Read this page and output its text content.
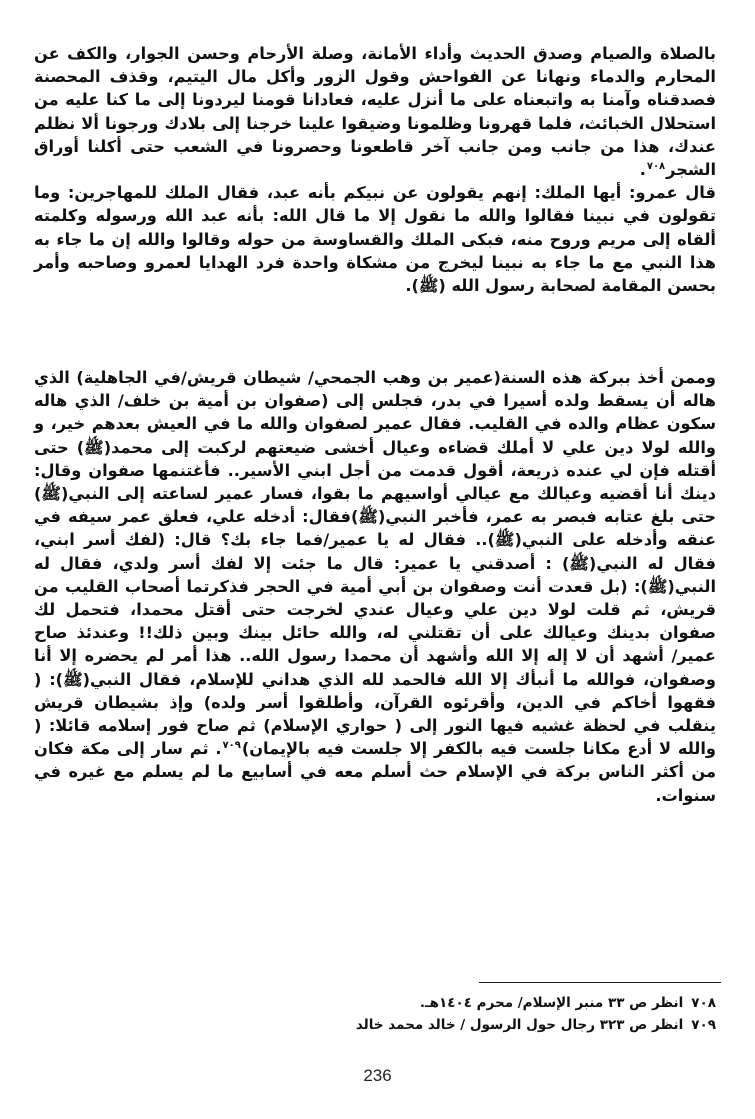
بالصلاة والصيام وصدق الحديث وأداء الأمانة، وصلة الأرحام وحسن الجوار، والكف عن المحارم والدماء ونهانا عن الفواحش وقول الزور وأكل مال اليتيم، وقذف المحصنة فصدقناه وآمنا به واتبعناه على ما أنزل عليه، فعادانا قومنا ليردونا إلى ما كنا عليه من استحلال الخبائث، فلما قهرونا وظلمونا وضيقوا علينا خرجنا إلى بلادك ورجونا ألا نظلم عندك، هذا من جانب ومن جانب آخر قاطعونا وحصرونا في الشعب حتى أكلنا أوراق الشجر$^{٧٠٨}$.

قال عمرو: أيها الملك: إنهم يقولون عن نبيكم بأنه عبد، فقال الملك للمهاجرين: وما تقولون في نبينا فقالوا والله ما نقول إلا ما قال الله: بأنه عبد الله ورسوله وكلمته ألقاه إلى مريم وروح منه، فبكى الملك والقساوسة من حوله وقالوا والله إن ما جاء به هذا النبي مع ما جاء به نبينا ليخرج من مشكاة واحدة فرد الهدايا لعمرو وصاحبه وأمر بحسن المقامة لصحابة رسول الله (ﷺ).

وممن أخذ ببركة هذه السنة(عمير بن وهب الجمحي/ شيطان قريش/في الجاهلية) الذي هاله أن يسقط ولده أسيرا في بدر، فجلس إلى (صفوان بن أمية بن خلف/ الذي هاله سكون عظام والده في القليب. فقال عمير لصفوان والله ما في العيش بعدهم خير، و والله لولا دين علي لا أملك قضاءه وعيال أخشى ضيعتهم لركبت إلى محمد(ﷺ) حتى أقتله فإن لي عنده ذريعة، أقول قدمت من أجل ابني الأسير.. فأغتنمها صفوان وقال: دينك أنا أقضيه وعيالك مع عيالي أواسيهم ما بقوا، فسار عمير لساعته إلى النبي(ﷺ) حتى بلغ عتابه فبصر به عمر، فأخبر النبي(ﷺ)فقال: أدخله علي، فعلق عمر سيفه في عنقه وأدخله على النبي(ﷺ).. فقال له يا عمير/فما جاء بك؟ قال: (لفك أسر ابني، فقال له النبي(ﷺ) : أصدقني يا عمير: قال ما جئت إلا لفك أسر ولدي، فقال له النبي(ﷺ): (بل قعدت أنت وصفوان بن أبي أمية في الحجر فذكرتما أصحاب القليب من قريش، ثم قلت لولا دين علي وعيال عندي لخرجت حتى أقتل محمدا، فتحمل لك صفوان بدينك وعيالك على أن تقتلني له، والله حائل بينك وبين ذلك!! وعندئذ صاح عمير/ أشهد أن لا إله إلا الله وأشهد أن محمدا رسول الله.. هذا أمر لم يحضره إلا أنا وصفوان، فوالله ما أنبأك إلا الله فالحمد لله الذي هداني للإسلام، فقال النبي(ﷺ): ( فقهوا أخاكم في الدين، وأقرئوه القرآن، وأطلقوا أسر ولده) وإذ بشيطان قريش ينقلب في لحظة غشيه فيها النور إلى ( حواري الإسلام) ثم صاح فور إسلامه قائلا: ( والله لا أدع مكانا جلست فيه بالكفر إلا جلست فيه بالإيمان)$^{٧٠٩}$. ثم سار إلى مكة فكان من أكثر الناس بركة في الإسلام حث أسلم معه في أسابيع ما لم يسلم مع غيره في سنوات.

٧٠٨انظر ص ٣٣ منبر الإسلام/ محرم ١٤٠٤هـ.
٧٠٩انظر ص ٣٢٣ رجال حول الرسول / خالد محمد خالد
236
